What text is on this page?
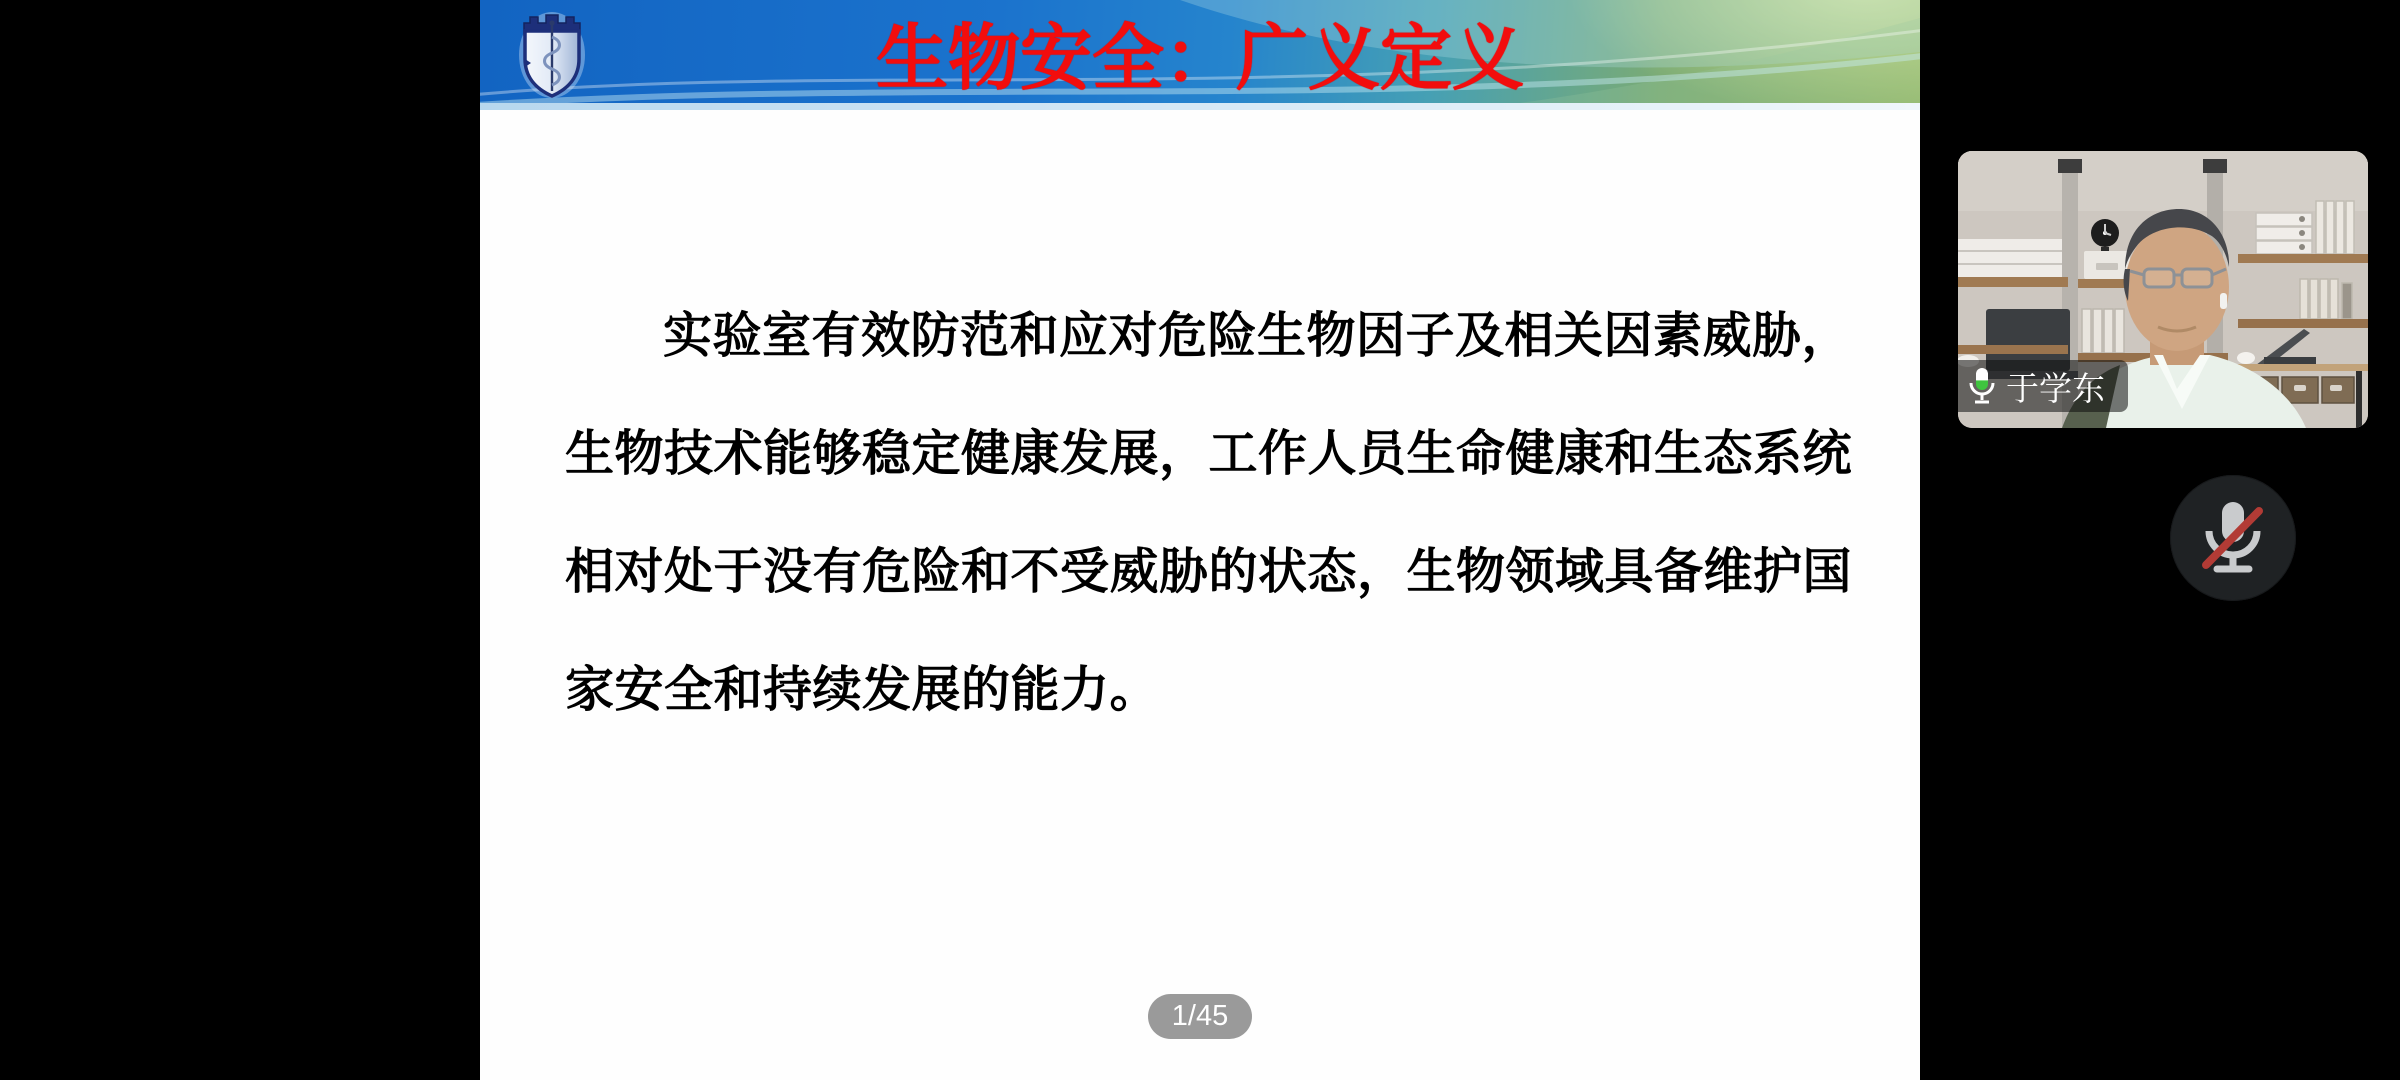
生物安全：广义定义
实验室有效防范和应对危险生物因子及相关因素威胁，
生物技术能够稳定健康发展，工作人员生命健康和生态系统
相对处于没有危险和不受威胁的状态，生物领域具备维护国
家安全和持续发展的能力。
1/45
于学东
